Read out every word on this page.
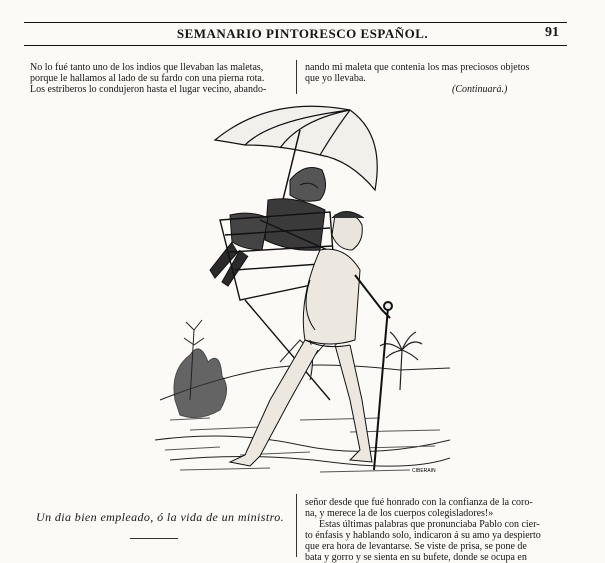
SEMANARIO PINTORESCO ESPAÑOL.	91
No lo fué tanto uno de los indios que llevaban las maletas,
porque le hallamos al lado de su fardo con una pierna rota.
Los estriberos lo condujeron hasta el lugar vecino, abando-
nando mi maleta que contenia los mas preciosos objetos
que yo llevaba.
(Continuará.)
CIBERAIN
Un dia bien empleado, ó la vida de un ministro.
señor desde que fué honrado con la confianza de la coro-
na, y merece la de los cuerpos colegisladores!»
Estas últimas palabras que pronunciaba Pablo con cier-
to énfasis y hablando solo, indicaron á su amo ya despierto
que era hora de levantarse. Se viste de prisa, se pone de
bata y gorro y se sienta en su bufete, donde se ocupa en
